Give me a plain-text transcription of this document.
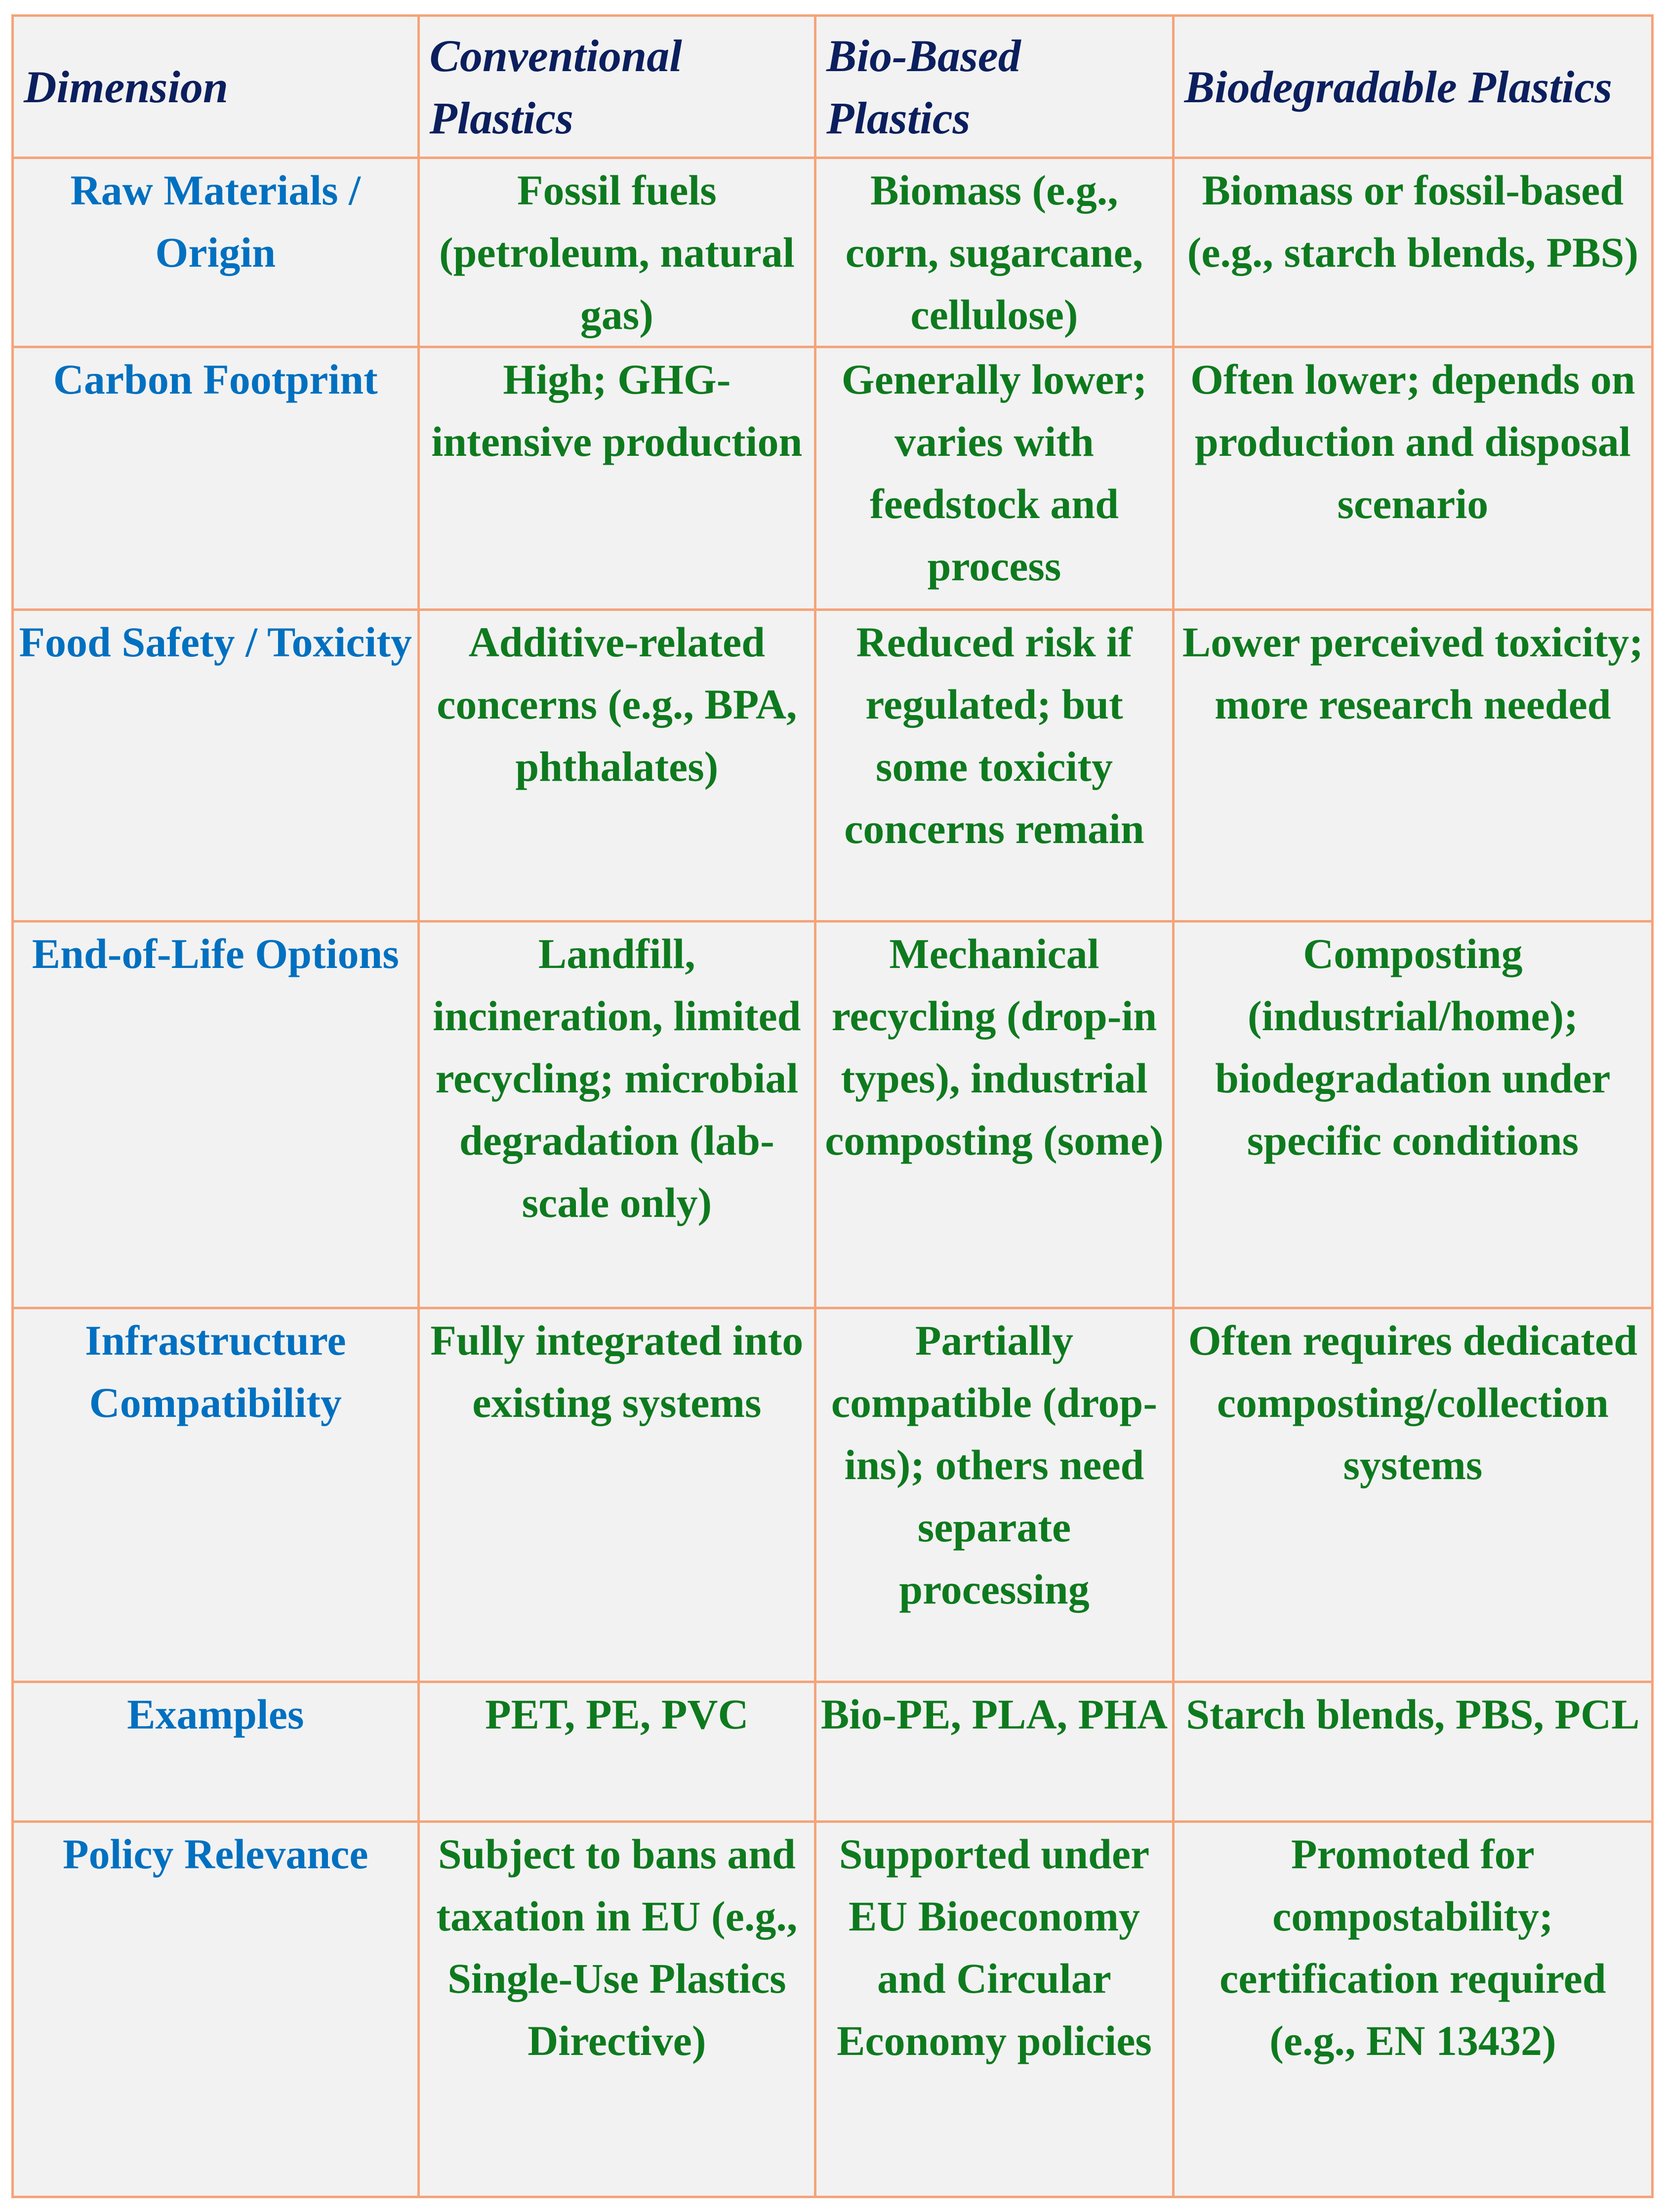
Dimension	Conventional Plastics	Bio-Based Plastics	Biodegradable Plastics
Raw Materials / Origin	Fossil fuels (petroleum, natural gas)	Biomass (e.g., corn, sugarcane, cellulose)	Biomass or fossil-based (e.g., starch blends, PBS)
Carbon Footprint	High; GHG-intensive production	Generally lower; varies with feedstock and process	Often lower; depends on production and disposal scenario
Food Safety / Toxicity	Additive-related concerns (e.g., BPA, phthalates)	Reduced risk if regulated; but some toxicity concerns remain	Lower perceived toxicity; more research needed
End-of-Life Options	Landfill, incineration, limited recycling; microbial degradation (lab-scale only)	Mechanical recycling (drop-in types), industrial composting (some)	Composting (industrial/home); biodegradation under specific conditions
Infrastructure Compatibility	Fully integrated into existing systems	Partially compatible (drop-ins); others need separate processing	Often requires dedicated composting/collection systems
Examples	PET, PE, PVC	Bio-PE, PLA, PHA	Starch blends, PBS, PCL
Policy Relevance	Subject to bans and taxation in EU (e.g., Single-Use Plastics Directive)	Supported under EU Bioeconomy and Circular Economy policies	Promoted for compostability; certification required (e.g., EN 13432)
